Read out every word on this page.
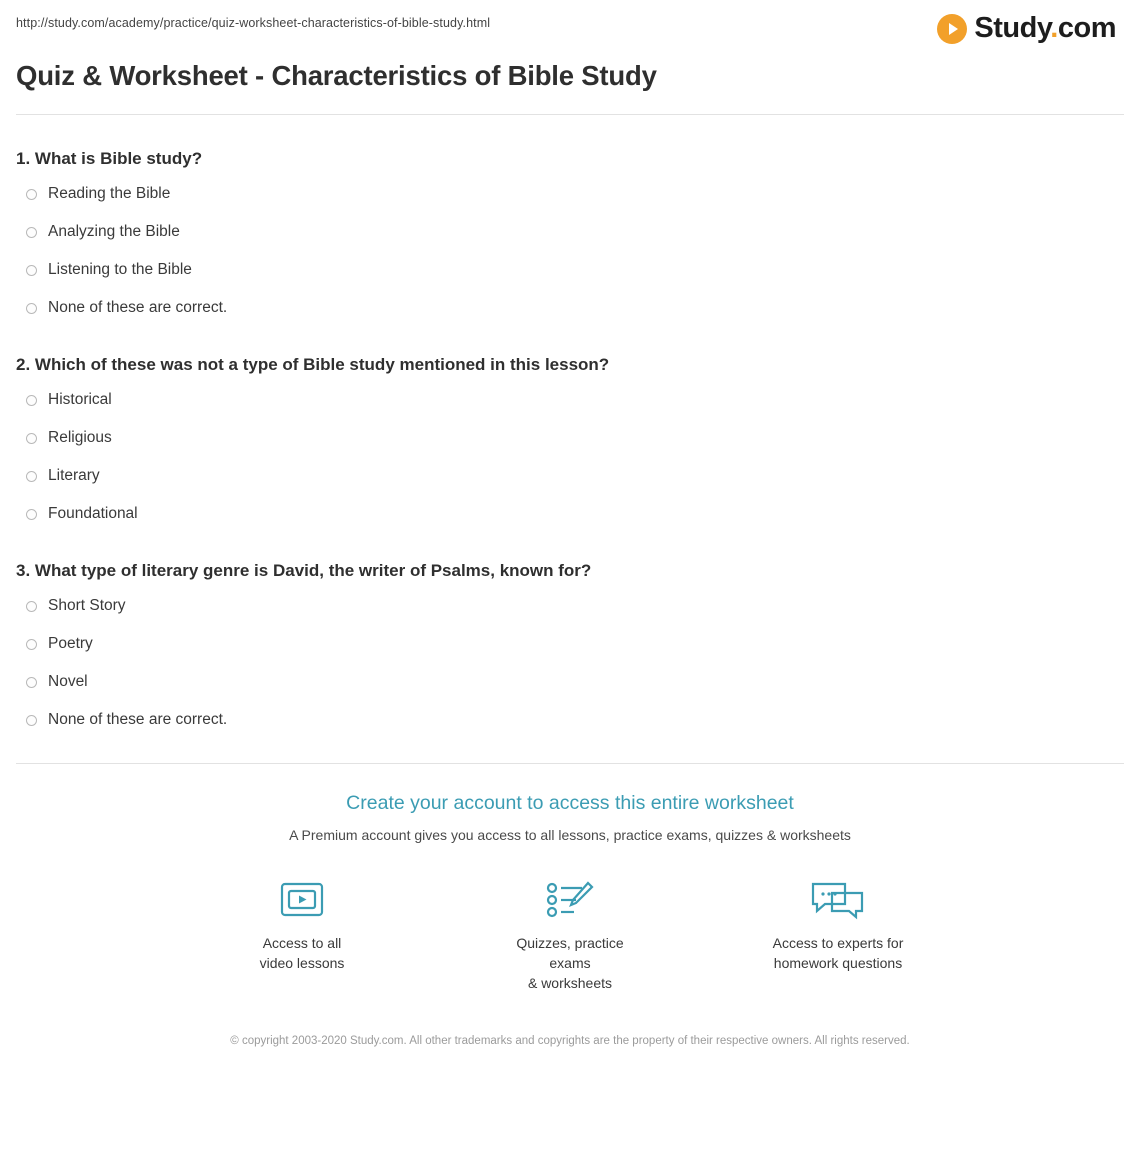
http://study.com/academy/practice/quiz-worksheet-characteristics-of-bible-study.html	Study.com
Quiz & Worksheet - Characteristics of Bible Study
1. What is Bible study?
Reading the Bible
Analyzing the Bible
Listening to the Bible
None of these are correct.
2. Which of these was not a type of Bible study mentioned in this lesson?
Historical
Religious
Literary
Foundational
3. What type of literary genre is David, the writer of Psalms, known for?
Short Story
Poetry
Novel
None of these are correct.
Create your account to access this entire worksheet
A Premium account gives you access to all lessons, practice exams, quizzes & worksheets
Access to all
video lessons
Quizzes, practice exams
& worksheets
Access to experts for
homework questions
© copyright 2003-2020 Study.com. All other trademarks and copyrights are the property of their respective owners. All rights reserved.
